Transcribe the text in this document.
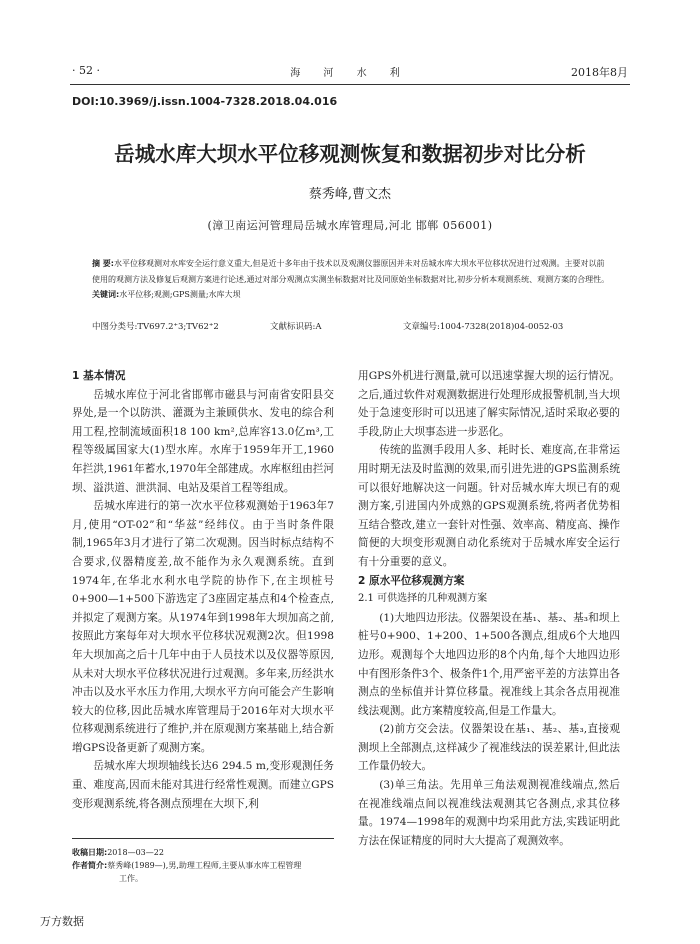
· 52 ·	海 河 水 利	2018年8月
DOI:10.3969/j.issn.1004-7328.2018.04.016
岳城水库大坝水平位移观测恢复和数据初步对比分析
蔡秀峰,曹文杰
(漳卫南运河管理局岳城水库管理局,河北 邯郸 056001)
摘 要:水平位移观测对水库安全运行意义重大,但是近十多年由于技术以及观测仪器原因并未对岳城水库大坝水平位移状况进行过观测。主要对以前使用的观测方法及修复后观测方案进行论述,通过对部分观测点实测坐标数据对比及同原始坐标数据对比,初步分析本观测系统、观测方案的合理性。
关键词:水平位移;观测;GPS测量;水库大坝
中图分类号:TV697.2⁺3;TV62⁺2	文献标识码:A	文章编号:1004-7328(2018)04-0052-03
1 基本情况

岳城水库位于河北省邯郸市磁县与河南省安阳县交界处,是一个以防洪、灌溉为主兼顾供水、发电的综合利用工程,控制流域面积18 100 km²,总库容13.0亿m³,工程等级属国家大(1)型水库。水库于1959年开工,1960年拦洪,1961年蓄水,1970年全部建成。水库枢纽由拦河坝、溢洪道、泄洪洞、电站及渠首工程等组成。

岳城水库进行的第一次水平位移观测始于1963年7月,使用“OT-02”和“华兹”经纬仪。由于当时条件限制,1965年3月才进行了第二次观测。因当时标点结构不合要求,仪器精度差,故不能作为永久观测系统。直到1974年,在华北水利水电学院的协作下,在主坝桩号0+900—1+500下游选定了3座固定基点和4个检查点,并拟定了观测方案。从1974年到1998年大坝加高之前,按照此方案每年对大坝水平位移状况观测2次。但1998年大坝加高之后十几年中由于人员技术以及仪器等原因,从未对大坝水平位移状况进行过观测。多年来,历经洪水冲击以及水平水压力作用,大坝水平方向可能会产生影响较大的位移,因此岳城水库管理局于2016年对大坝水平位移观测系统进行了维护,并在原观测方案基础上,结合新增GPS设备更新了观测方案。

岳城水库大坝坝轴线长达6 294.5 m,变形观测任务重、难度高,因而未能对其进行经常性观测。而建立GPS变形观测系统,将各测点预埋在大坝下,利

用GPS外机进行测量,就可以迅速掌握大坝的运行情况。之后,通过软件对观测数据进行处理形成报警机制,当大坝处于急速变形时可以迅速了解实际情况,适时采取必要的手段,防止大坝事态进一步恶化。

传统的监测手段用人多、耗时长、难度高,在非常运用时期无法及时监测的效果,而引进先进的GPS监测系统可以很好地解决这一问题。针对岳城水库大坝已有的观测方案,引进国内外成熟的GPS观测系统,将两者优势相互结合整改,建立一套针对性强、效率高、精度高、操作简便的大坝变形观测自动化系统对于岳城水库安全运行有十分重要的意义。

2 原水平位移观测方案
2.1 可供选择的几种观测方案

(1)大地四边形法。仪器架设在基₁、基₂、基₃和坝上桩号0+900、1+200、1+500各测点,组成6个大地四边形。观测每个大地四边形的8个内角,每个大地四边形中有图形条件3个、极条件1个,用严密平差的方法算出各测点的坐标值并计算位移量。视准线上其余各点用视准线法观测。此方案精度较高,但是工作量大。

(2)前方交会法。仪器架设在基₁、基₂、基₃,直接观测坝上全部测点,这样减少了视准线法的误差累计,但此法工作量仍较大。

(3)单三角法。先用单三角法观测视准线端点,然后在视准线端点间以视准线法观测其它各测点,求其位移量。1974—1998年的观测中均采用此方法,实践证明此方法在保证精度的同时大大提高了观测效率。

收稿日期:2018—03—22
作者简介:蔡秀峰(1989—),男,助理工程师,主要从事水库工程管理
工作。
万方数据
